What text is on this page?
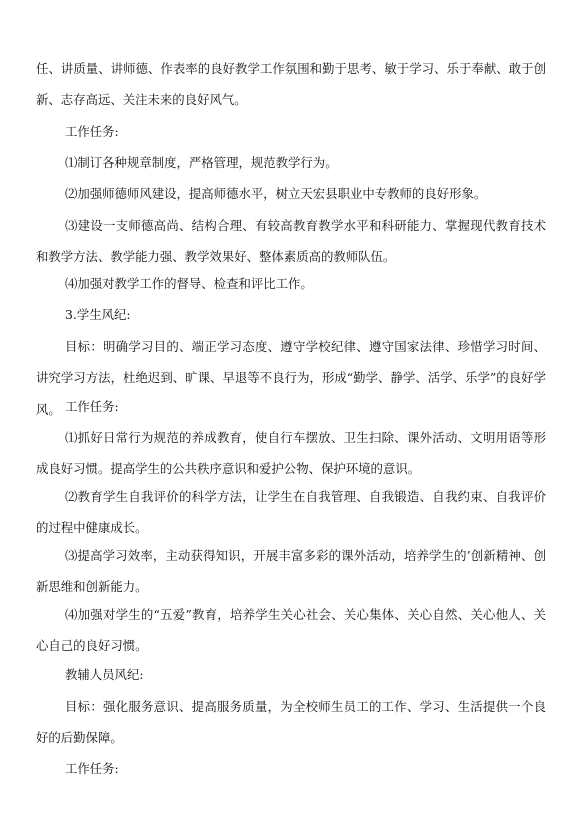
任、讲质量、讲师德、作表率的良好教学工作氛围和勤于思考、敏于学习、乐于奉献、敢于创新、志存高远、关注未来的良好风气。

工作任务:

⑴制订各种规章制度，严格管理，规范教学行为。

⑵加强师德师风建设，提高师德水平，树立天宏县职业中专教师的良好形象。

⑶建设一支师德高尚、结构合理、有较高教育教学水平和科研能力、掌握现代教育技术和教学方法、教学能力强、教学效果好、整体素质高的教师队伍。

⑷加强对教学工作的督导、检查和评比工作。

3.学生风纪:

目标：明确学习目的、端正学习态度、遵守学校纪律、遵守国家法律、珍惜学习时间、讲究学习方法，杜绝迟到、旷课、早退等不良行为，形成“勤学、静学、活学、乐学”的良好学风。 工作任务:

⑴抓好日常行为规范的养成教育，使自行车摆放、卫生扫除、课外活动、文明用语等形成良好习惯。提高学生的公共秩序意识和爱护公物、保护环境的意识。

⑵教育学生自我评价的科学方法，让学生在自我管理、自我锻造、自我约束、自我评价的过程中健康成长。

⑶提高学习效率，主动获得知识，开展丰富多彩的课外活动，培养学生的’创新精神、创新思维和创新能力。

⑷加强对学生的“五爱”教育，培养学生关心社会、关心集体、关心自然、关心他人、关心自己的良好习惯。

教辅人员风纪:

目标：强化服务意识、提高服务质量，为全校师生员工的工作、学习、生活提供一个良好的后勤保障。

工作任务:
